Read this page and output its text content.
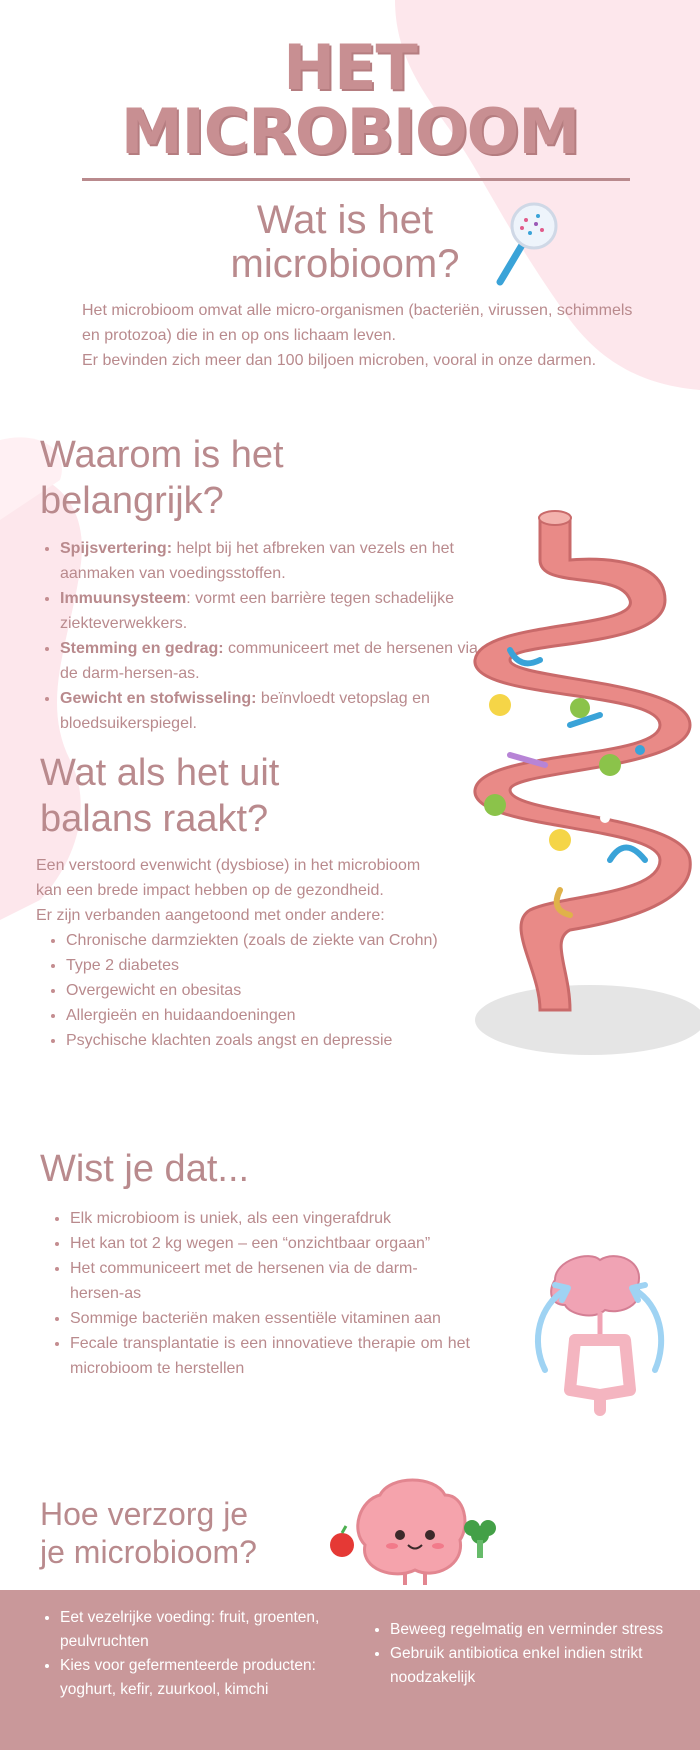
HET
MICROBIOOM
Wat is het microbioom?

Het microbioom omvat alle micro-organismen (bacteriën, virussen, schimmels en protozoa) die in en op ons lichaam leven.

Er bevinden zich meer dan 100 biljoen microben, vooral in onze darmen.

Waarom is het belangrijk?
• Spijsvertering: helpt bij het afbreken van vezels en het aanmaken van voedingsstoffen.
• Immuunsysteem: vormt een barrière tegen schadelijke ziekteverwekkers.
• Stemming en gedrag: communiceert met de hersenen via de darm-hersen-as.
• Gewicht en stofwisseling: beïnvloedt vetopslag en bloedsuikerspiegel.
Wat als het uit balans raakt?

Een verstoord evenwicht (dysbiose) in het microbioom

kan een brede impact hebben op de gezondheid.

Er zijn verbanden aangetoond met onder andere:

• Chronische darmziekten (zoals de ziekte van Crohn)
• Type 2 diabetes
• Overgewicht en obesitas
• Allergieën en huidaandoeningen
• Psychische klachten zoals angst en depressie
Wist je dat...
• Elk microbioom is uniek, als een vingerafdruk
• Het kan tot 2 kg wegen – een “onzichtbaar orgaan”
• Het communiceert met de hersenen via de darm-hersen-as
• Sommige bacteriën maken essentiële vitaminen aan
• Fecale transplantatie is een innovatieve therapie om het microbioom te herstellen
Hoe verzorg je
je microbioom?
• Eet vezelrijke voeding: fruit, groenten, peulvruchten
• Kies voor gefermenteerde producten: yoghurt, kefir, zuurkool, kimchi
• Beweeg regelmatig en verminder stress
• Gebruik antibiotica enkel indien strikt noodzakelijk
